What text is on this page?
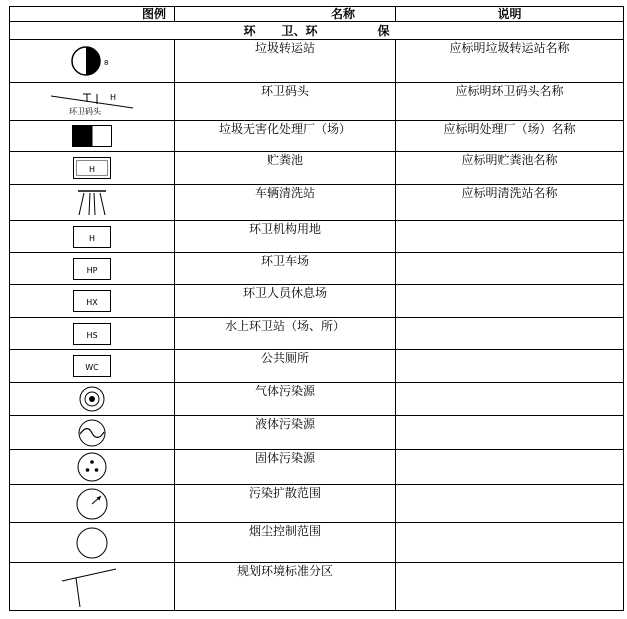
图例	名称	说明
环 卫、环 保		

8	垃圾转运站	应标明垃圾转运站名称

H
环卫码头	环卫码头	应标明环卫码头名称

	垃圾无害化处理厂（场）	应标明处理厂（场）名称

H	贮粪池	应标明贮粪池名称

	车辆清洗站	应标明清洗站名称

H	环卫机构用地	

HP	环卫车场	

HX	环卫人员休息场	

HS	水上环卫站（场、所）	

WC	公共厕所	

	气体污染源	

	液体污染源	

	固体污染源	

	污染扩散范围	

	烟尘控制范围	

	规划环境标准分区	
